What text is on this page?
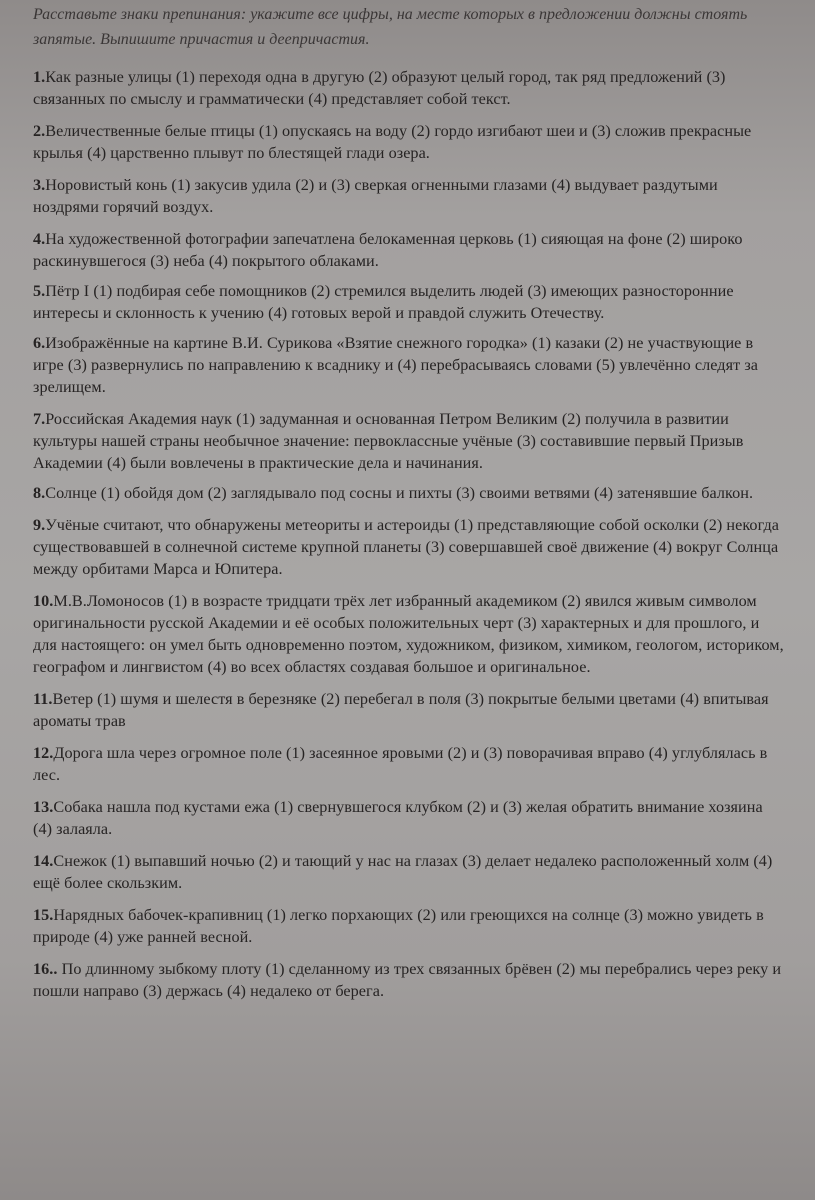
Расставьте знаки препинания: укажите все цифры, на месте которых в предложении должны стоять запятые. Выпишите причастия и деепричастия.

1.Как разные улицы (1) переходя одна в другую (2) образуют целый город, так ряд предложений (3) связанных по смыслу и грамматически (4) представляет собой текст.

2.Величественные белые птицы (1) опускаясь на воду (2) гордо изгибают шеи и (3) сложив прекрасные крылья (4) царственно плывут по блестящей глади озера.

3.Норовистый конь (1) закусив удила (2) и (3) сверкая огненными глазами (4) выдувает раздутыми ноздрями горячий воздух.

4.На художественной фотографии запечатлена белокаменная церковь (1) сияющая на фоне (2) широко раскинувшегося (3) неба (4) покрытого облаками.

5.Пётр I (1) подбирая себе помощников (2) стремился выделить людей (3) имеющих разносторонние интересы и склонность к учению (4) готовых верой и правдой служить Отечеству.

6.Изображённые на картине В.И. Сурикова «Взятие снежного городка» (1) казаки (2) не участвующие в игре (3) развернулись по направлению к всаднику и (4) перебрасываясь словами (5) увлечённо следят за зрелищем.

7.Российская Академия наук (1) задуманная и основанная Петром Великим (2) получила в развитии культуры нашей страны необычное значение: первоклассные учёные (3) составившие первый Призыв Академии (4) были вовлечены в практические дела и начинания.

8.Солнце (1) обойдя дом (2) заглядывало под сосны и пихты (3) своими ветвями (4) затенявшие балкон.

9.Учёные считают, что обнаружены метеориты и астероиды (1) представляющие собой осколки (2) некогда существовавшей в солнечной системе крупной планеты (3) совершавшей своё движение (4) вокруг Солнца между орбитами Марса и Юпитера.

10.М.В.Ломоносов (1) в возрасте тридцати трёх лет избранный академиком (2) явился живым символом оригинальности русской Академии и её особых положительных черт (3) характерных и для прошлого, и для настоящего: он умел быть одновременно поэтом, художником, физиком, химиком, геологом, историком, географом и лингвистом (4) во всех областях создавая большое и оригинальное.

11.Ветер (1) шумя и шелестя в березняке (2) перебегал в поля (3) покрытые белыми цветами (4) впитывая ароматы трав

12.Дорога шла через огромное поле (1) засеянное яровыми (2) и (3) поворачивая вправо (4) углублялась в лес.

13.Собака нашла под кустами ежа (1) свернувшегося клубком (2) и (3) желая обратить внимание хозяина (4) залаяла.

14.Снежок (1) выпавший ночью (2) и тающий у нас на глазах (3) делает недалеко расположенный холм (4) ещё более скользким.

15.Нарядных бабочек-крапивниц (1) легко порхающих (2) или греющихся на солнце (3) можно увидеть в природе (4) уже ранней весной.

16.. По длинному зыбкому плоту (1) сделанному из трех связанных брёвен (2) мы перебрались через реку и пошли направо (3) держась (4) недалеко от берега.
